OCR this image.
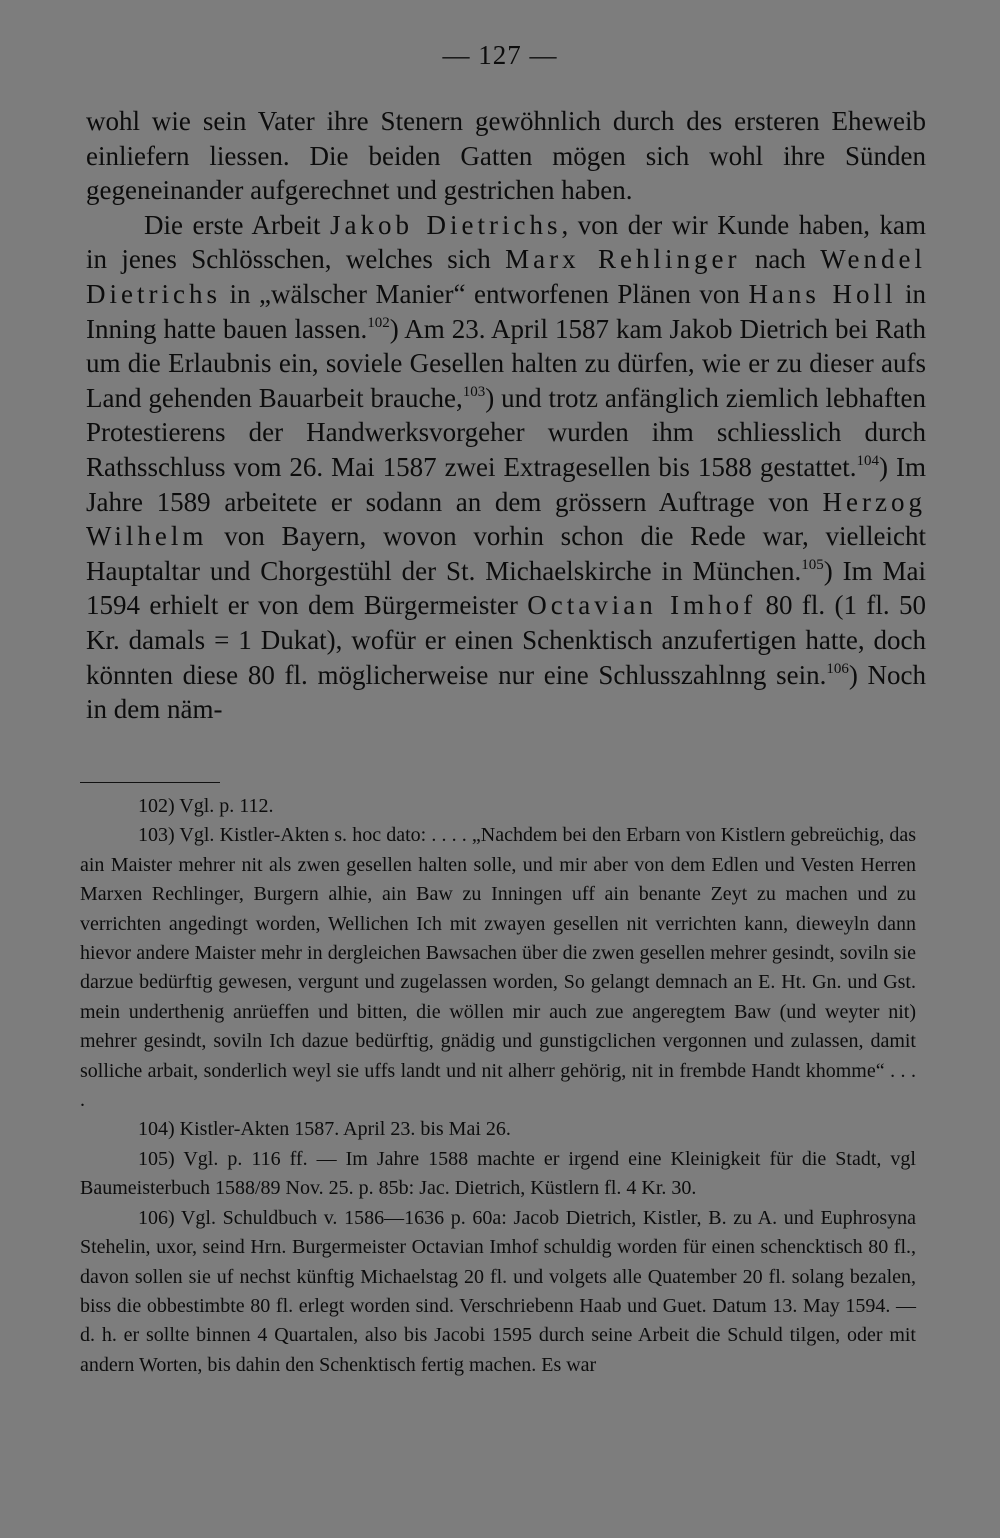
— 127 —

wohl wie sein Vater ihre Stenern gewöhnlich durch des ersteren Eheweib einliefern liessen. Die beiden Gatten mögen sich wohl ihre Sünden gegeneinander aufgerechnet und gestrichen haben.

Die erste Arbeit Jakob Dietrichs, von der wir Kunde haben, kam in jenes Schlösschen, welches sich Marx Rehlinger nach Wendel Dietrichs in „wälscher Manier“ entworfenen Plänen von Hans Holl in Inning hatte bauen lassen.$^{102}$) Am 23. April 1587 kam Jakob Dietrich bei Rath um die Erlaubnis ein, soviele Gesellen halten zu dürfen, wie er zu dieser aufs Land gehenden Bauarbeit brauche,$^{103}$) und trotz anfänglich ziemlich lebhaften Protestierens der Handwerksvorgeher wurden ihm schliesslich durch Rathsschluss vom 26. Mai 1587 zwei Extragesellen bis 1588 gestattet.$^{104}$) Im Jahre 1589 arbeitete er sodann an dem grössern Auftrage von Herzog Wilhelm von Bayern, wovon vorhin schon die Rede war, vielleicht Hauptaltar und Chorgestühl der St. Michaelskirche in München.$^{105}$) Im Mai 1594 erhielt er von dem Bürgermeister Octavian Imhof 80 fl. (1 fl. 50 Kr. damals = 1 Dukat), wofür er einen Schenktisch anzufertigen hatte, doch könnten diese 80 fl. möglicherweise nur eine Schlusszahlnng sein.$^{106}$) Noch in dem näm-

102) Vgl. p. 112.

103) Vgl. Kistler-Akten s. hoc dato: . . . . „Nachdem bei den Erbarn von Kistlern gebreüchig, das ain Maister mehrer nit als zwen gesellen halten solle, und mir aber von dem Edlen und Vesten Herren Marxen Rechlinger, Burgern alhie, ain Baw zu Inningen uff ain benante Zeyt zu machen und zu verrichten angedingt worden, Wellichen Ich mit zwayen gesellen nit verrichten kann, dieweyln dann hievor andere Maister mehr in dergleichen Bawsachen über die zwen gesellen mehrer gesindt, soviln sie darzue bedürftig gewesen, vergunt und zugelassen worden, So gelangt demnach an E. Ht. Gn. und Gst. mein underthenig anrüeffen und bitten, die wöllen mir auch zue angeregtem Baw (und weyter nit) mehrer gesindt, soviln Ich dazue bedürftig, gnädig und gunstigclichen vergonnen und zulassen, damit solliche arbait, sonderlich weyl sie uffs landt und nit alherr gehörig, nit in frembde Handt khomme“ . . . .

104) Kistler-Akten 1587. April 23. bis Mai 26.

105) Vgl. p. 116 ff. — Im Jahre 1588 machte er irgend eine Kleinigkeit für die Stadt, vgl Baumeisterbuch 1588/89 Nov. 25. p. 85b: Jac. Dietrich, Küstlern fl. 4 Kr. 30.

106) Vgl. Schuldbuch v. 1586—1636 p. 60a: Jacob Dietrich, Kistler, B. zu A. und Euphrosyna Stehelin, uxor, seind Hrn. Burgermeister Octavian Imhof schuldig worden für einen schencktisch 80 fl., davon sollen sie uf nechst künftig Michaelstag 20 fl. und volgets alle Quatember 20 fl. solang bezalen, biss die obbestimbte 80 fl. erlegt worden sind. Verschriebenn Haab und Guet. Datum 13. May 1594. — d. h. er sollte binnen 4 Quartalen, also bis Jacobi 1595 durch seine Arbeit die Schuld tilgen, oder mit andern Worten, bis dahin den Schenktisch fertig machen. Es war
